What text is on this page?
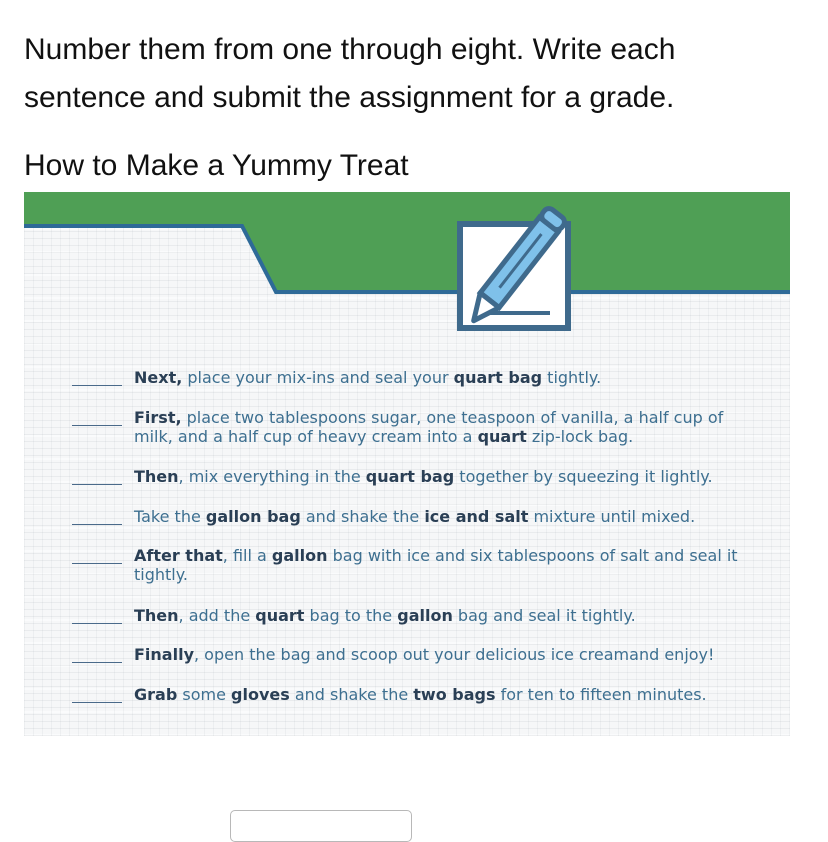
Number them from one through eight. Write each sentence and submit the assignment for a grade.

How to Make a Yummy Treat
Next, place your mix-ins and seal your quart bag tightly.
First, place two tablespoons sugar, one teaspoon of vanilla, a half cup of milk, and a half cup of heavy cream into a quart zip-lock bag.
Then, mix everything in the quart bag together by squeezing it lightly.
Take the gallon bag and shake the ice and salt mixture until mixed.
After that, fill a gallon bag with ice and six tablespoons of salt and seal it tightly.
Then, add the quart bag to the gallon bag and seal it tightly.
Finally, open the bag and scoop out your delicious ice creamand enjoy!
Grab some gloves and shake the two bags for ten to fifteen minutes.
